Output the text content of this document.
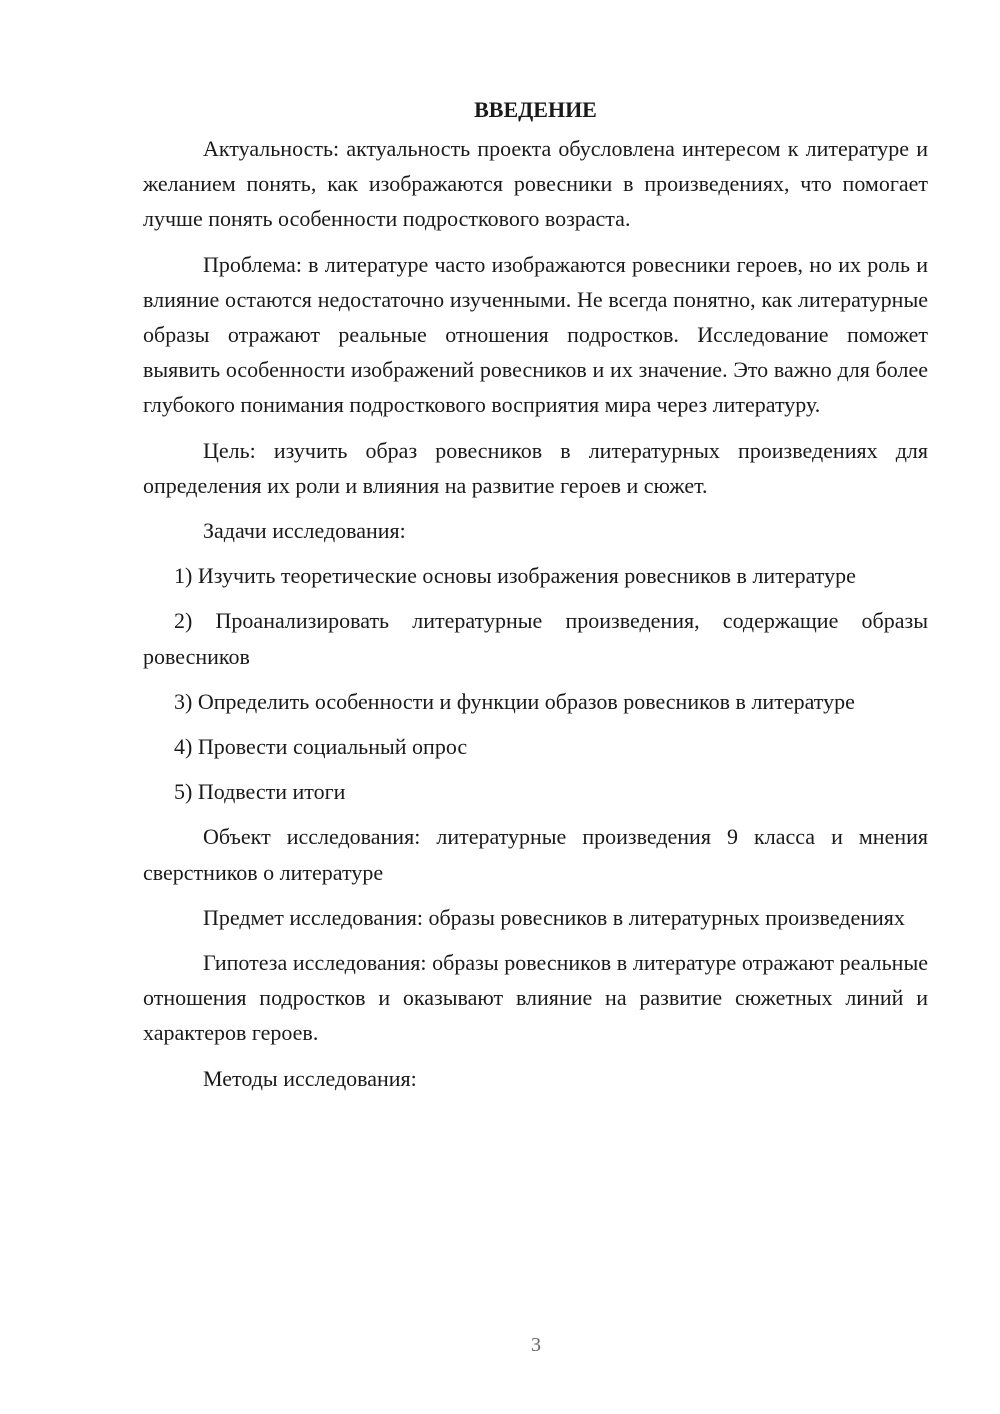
ВВЕДЕНИЕ

Актуальность: актуальность проекта обусловлена интересом к литературе и желанием понять, как изображаются ровесники в произведениях, что помогает лучше понять особенности подросткового возраста.

Проблема: в литературе часто изображаются ровесники героев, но их роль и влияние остаются недостаточно изученными. Не всегда понятно, как литературные образы отражают реальные отношения подростков. Исследование поможет выявить особенности изображений ровесников и их значение. Это важно для более глубокого понимания подросткового восприятия мира через литературу.

Цель: изучить образ ровесников в литературных произведениях для определения их роли и влияния на развитие героев и сюжет.

Задачи исследования:

1) Изучить теоретические основы изображения ровесников в литературе

2) Проанализировать литературные произведения, содержащие образы ровесников

3) Определить особенности и функции образов ровесников в литературе

4) Провести социальный опрос

5) Подвести итоги

Объект исследования: литературные произведения 9 класса и мнения сверстников о литературе

Предмет исследования: образы ровесников в литературных произведениях

Гипотеза исследования: образы ровесников в литературе отражают реальные отношения подростков и оказывают влияние на развитие сюжетных линий и характеров героев.

Методы исследования:

3
